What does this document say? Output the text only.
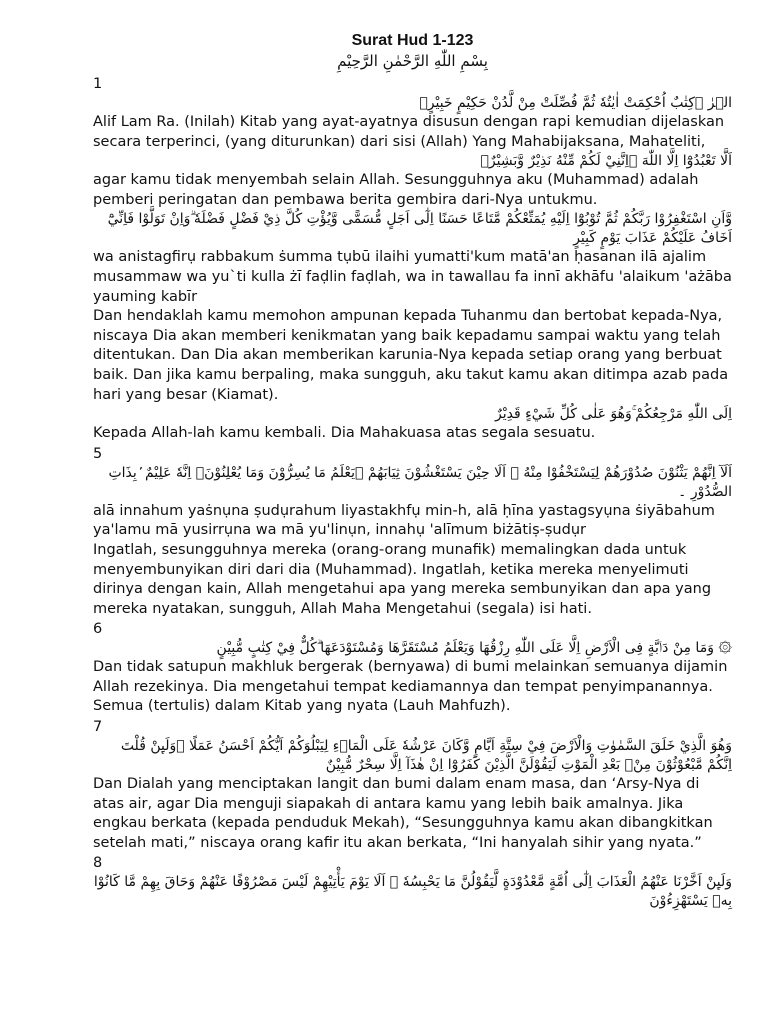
Surat Hud 1-123

بِسْمِ اللّٰهِ الرَّحْمٰنِ الرَّحِيْمِ

1

الۤرٰ ۗكِتٰبٌ اُحْكِمَتْ اٰيٰتُهٗ ثُمَّ فُصِّلَتْ مِنْ لَّدُنْ حَكِيْمٍ خَبِيْرٍۙ

Alif Lam Ra. (Inilah) Kitab yang ayat-ayatnya disusun dengan rapi kemudian dijelaskan secara terperinci, (yang diturunkan) dari sisi (Allah) Yang Mahabijaksana, Mahateliti,

اَلَّا تَعْبُدُوْٓا اِلَّا اللّٰهَ ۗاِنَّنِيْ لَكُمْ مِّنْهُ نَذِيْرٌ وَّبَشِيْرٌۙ

agar kamu tidak menyembah selain Allah. Sesungguhnya aku (Muhammad) adalah pemberi peringatan dan pembawa berita gembira dari-Nya untukmu.

وَّاَنِ اسْتَغْفِرُوْا رَبَّكُمْ ثُمَّ تُوْبُوْٓا اِلَيْهِ يُمَتِّعْكُمْ مَّتَاعًا حَسَنًا اِلٰٓى اَجَلٍ مُّسَمًّى وَّيُؤْتِ كُلَّ ذِيْ فَضْلٍ فَضْلَهٗ ۗوَاِنْ تَوَلَّوْا فَاِنِّيْٓ اَخَافُ عَلَيْكُمْ عَذَابَ يَوْمٍ كَبِيْرٍ

wa anistagfirụ rabbakum ṡumma tụbū ilaihi yumatti'kum matā'an ḥasanan ilā ajalim musammaw wa yu`ti kulla żī faḍlin faḍlah, wa in tawallau fa innī akhāfu 'alaikum 'ażāba yauming kabīr

Dan hendaklah kamu memohon ampunan kepada Tuhanmu dan bertobat kepada-Nya, niscaya Dia akan memberi kenikmatan yang baik kepadamu sampai waktu yang telah ditentukan. Dan Dia akan memberikan karunia-Nya kepada setiap orang yang berbuat baik. Dan jika kamu berpaling, maka sungguh, aku takut kamu akan ditimpa azab pada hari yang besar (Kiamat).

اِلَى اللّٰهِ مَرْجِعُكُمْ ۚوَهُوَ عَلٰى كُلِّ شَيْءٍ قَدِيْرٌ

Kepada Allah-lah kamu kembali. Dia Mahakuasa atas segala sesuatu.

5

اَلَآ اِنَّهُمْ يَثْنُوْنَ صُدُوْرَهُمْ لِيَسْتَخْفُوْا مِنْهُ ۗ اَلَا حِيْنَ يَسْتَغْشُوْنَ ثِيَابَهُمْ ۙيَعْلَمُ مَا يُسِرُّوْنَ وَمَا يُعْلِنُوْنَۚ اِنَّهٗ عَلِيْمٌ ۢبِذَاتِ الصُّدُوْرِ ۔

alā innahum yaṡnụna ṣudụrahum liyastakhfụ min-h, alā ḥīna yastagsyụna ṡiyābahum ya'lamu mā yusirrụna wa mā yu'linụn, innahụ 'alīmum biżātiṣ-ṣudụr

Ingatlah, sesungguhnya mereka (orang-orang munafik) memalingkan dada untuk menyembunyikan diri dari dia (Muhammad). Ingatlah, ketika mereka menyelimuti dirinya dengan kain, Allah mengetahui apa yang mereka sembunyikan dan apa yang mereka nyatakan, sungguh, Allah Maha Mengetahui (segala) isi hati.

6

۞ وَمَا مِنْ دَاۤبَّةٍ فِى الْاَرْضِ اِلَّا عَلَى اللّٰهِ رِزْقُهَا وَيَعْلَمُ مُسْتَقَرَّهَا وَمُسْتَوْدَعَهَا ۗكُلٌّ فِيْ كِتٰبٍ مُّبِيْنٍ

Dan tidak satupun makhluk bergerak (bernyawa) di bumi melainkan semuanya dijamin Allah rezekinya. Dia mengetahui tempat kediamannya dan tempat penyimpanannya. Semua (tertulis) dalam Kitab yang nyata (Lauh Mahfuzh).

7

وَهُوَ الَّذِيْ خَلَقَ السَّمٰوٰتِ وَالْاَرْضَ فِيْ سِتَّةِ اَيَّامٍ وَّكَانَ عَرْشُهٗ عَلَى الْمَاۤءِ لِيَبْلُوَكُمْ اَيُّكُمْ اَحْسَنُ عَمَلًا ۗوَلَىِٕنْ قُلْتَ اِنَّكُمْ مَّبْعُوْثُوْنَ مِنْۢ بَعْدِ الْمَوْتِ لَيَقُوْلَنَّ الَّذِيْنَ كَفَرُوْٓا اِنْ هٰذَآ اِلَّا سِحْرٌ مُّبِيْنٌ

Dan Dialah yang menciptakan langit dan bumi dalam enam masa, dan ‘Arsy-Nya di atas air, agar Dia menguji siapakah di antara kamu yang lebih baik amalnya. Jika engkau berkata (kepada penduduk Mekah), “Sesungguhnya kamu akan dibangkitkan setelah mati,” niscaya orang kafir itu akan berkata, “Ini hanyalah sihir yang nyata.”

8

وَلَىِٕنْ اَخَّرْنَا عَنْهُمُ الْعَذَابَ اِلٰٓى اُمَّةٍ مَّعْدُوْدَةٍ لَّيَقُوْلُنَّ مَا يَحْبِسُهٗ ۗ اَلَا يَوْمَ يَأْتِيْهِمْ لَيْسَ مَصْرُوْفًا عَنْهُمْ وَحَاقَ بِهِمْ مَّا كَانُوْا بِهٖ يَسْتَهْزِءُوْنَ
